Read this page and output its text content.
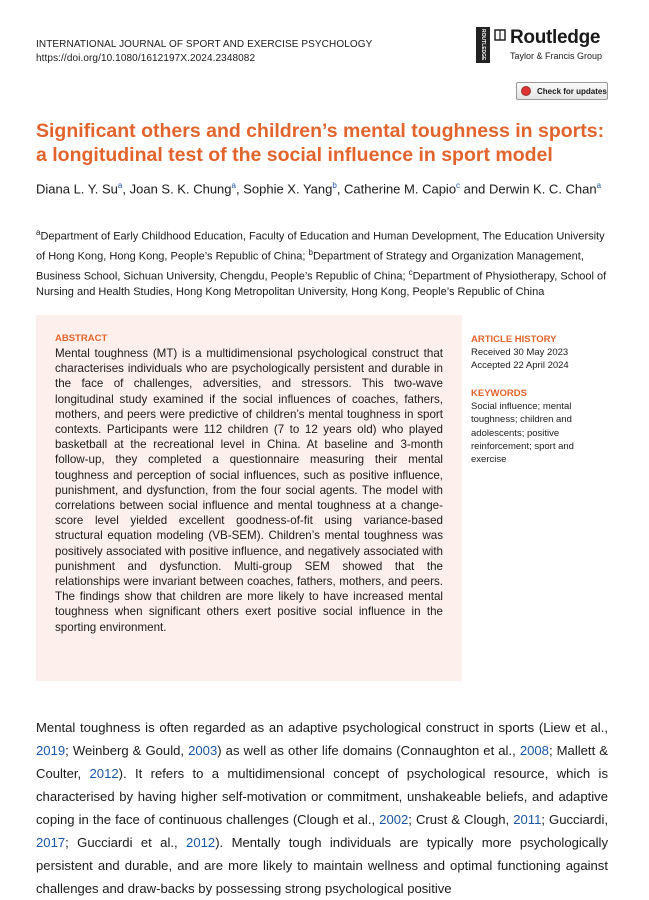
INTERNATIONAL JOURNAL OF SPORT AND EXERCISE PSYCHOLOGY
https://doi.org/10.1080/1612197X.2024.2348082	ROUTLEDGE Routledge
Taylor & Francis Group
Check for updates
Significant others and children’s mental toughness in sports: a longitudinal test of the social influence in sport model
Diana L. Y. Su$^a$, Joan S. K. Chung$^a$, Sophie X. Yang$^b$, Catherine M. Capio$^c$ and Derwin K. C. Chan$^a$
$^a$Department of Early Childhood Education, Faculty of Education and Human Development, The Education University of Hong Kong, Hong Kong, People’s Republic of China; $^b$Department of Strategy and Organization Management, Business School, Sichuan University, Chengdu, People’s Republic of China; $^c$Department of Physiotherapy, School of Nursing and Health Studies, Hong Kong Metropolitan University, Hong Kong, People’s Republic of China
ABSTRACT
Mental toughness (MT) is a multidimensional psychological construct that characterises individuals who are psychologically persistent and durable in the face of challenges, adversities, and stressors. This two-wave longitudinal study examined if the social influences of coaches, fathers, mothers, and peers were predictive of children’s mental toughness in sport contexts. Participants were 112 children (7 to 12 years old) who played basketball at the recreational level in China. At baseline and 3-month follow-up, they completed a questionnaire measuring their mental toughness and perception of social influences, such as positive influence, punishment, and dysfunction, from the four social agents. The model with correlations between social influence and mental toughness at a change-score level yielded excellent goodness-of-fit using variance-based structural equation modeling (VB-SEM). Children’s mental toughness was positively associated with positive influence, and negatively associated with punishment and dysfunction. Multi-group SEM showed that the relationships were invariant between coaches, fathers, mothers, and peers. The findings show that children are more likely to have increased mental toughness when significant others exert positive social influence in the sporting environment.
ARTICLE HISTORY
Received 30 May 2023
Accepted 22 April 2024
KEYWORDS
Social influence; mental toughness; children and adolescents; positive reinforcement; sport and exercise
Mental toughness is often regarded as an adaptive psychological construct in sports (Liew et al., 2019; Weinberg & Gould, 2003) as well as other life domains (Connaughton et al., 2008; Mallett & Coulter, 2012). It refers to a multidimensional concept of psychological resource, which is characterised by having higher self-motivation or commitment, unshakeable beliefs, and adaptive coping in the face of continuous challenges (Clough et al., 2002; Crust & Clough, 2011; Gucciardi, 2017; Gucciardi et al., 2012). Mentally tough individuals are typically more psychologically persistent and durable, and are more likely to maintain wellness and optimal functioning against challenges and draw-backs by possessing strong psychological positive
